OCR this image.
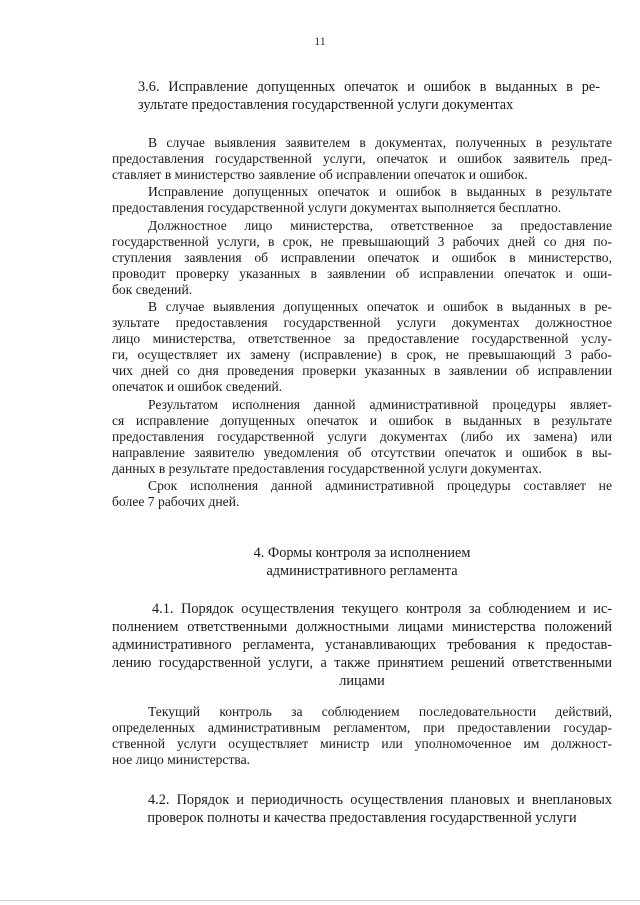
11
3.6. Исправление допущенных опечаток и ошибок в выданных в ре-
зультате предоставления государственной услуги документах
В случае выявления заявителем в документах, полученных в результате
предоставления государственной услуги, опечаток и ошибок заявитель пред-
ставляет в министерство заявление об исправлении опечаток и ошибок.
Исправление допущенных опечаток и ошибок в выданных в результате
предоставления государственной услуги документах выполняется бесплатно.
Должностное лицо министерства, ответственное за предоставление
государственной услуги, в срок, не превышающий 3 рабочих дней со дня по-
ступления заявления об исправлении опечаток и ошибок в министерство,
проводит проверку указанных в заявлении об исправлении опечаток и оши-
бок сведений.
В случае выявления допущенных опечаток и ошибок в выданных в ре-
зультате предоставления государственной услуги документах должностное
лицо министерства, ответственное за предоставление государственной услу-
ги, осуществляет их замену (исправление) в срок, не превышающий 3 рабо-
чих дней со дня проведения проверки указанных в заявлении об исправлении
опечаток и ошибок сведений.
Результатом исполнения данной административной процедуры являет-
ся исправление допущенных опечаток и ошибок в выданных в результате
предоставления государственной услуги документах (либо их замена) или
направление заявителю уведомления об отсутствии опечаток и ошибок в вы-
данных в результате предоставления государственной услуги документах.
Срок исполнения данной административной процедуры составляет не
более 7 рабочих дней.
4. Формы контроля за исполнением
административного регламента
4.1. Порядок осуществления текущего контроля за соблюдением и ис-
полнением ответственными должностными лицами министерства положений
административного регламента, устанавливающих требования к предостав-
лению государственной услуги, а также принятием решений ответственными
лицами
Текущий контроль за соблюдением последовательности действий,
определенных административным регламентом, при предоставлении государ-
ственной услуги осуществляет министр или уполномоченное им должност-
ное лицо министерства.
4.2. Порядок и периодичность осуществления плановых и внеплановых
проверок полноты и качества предоставления государственной услуги
